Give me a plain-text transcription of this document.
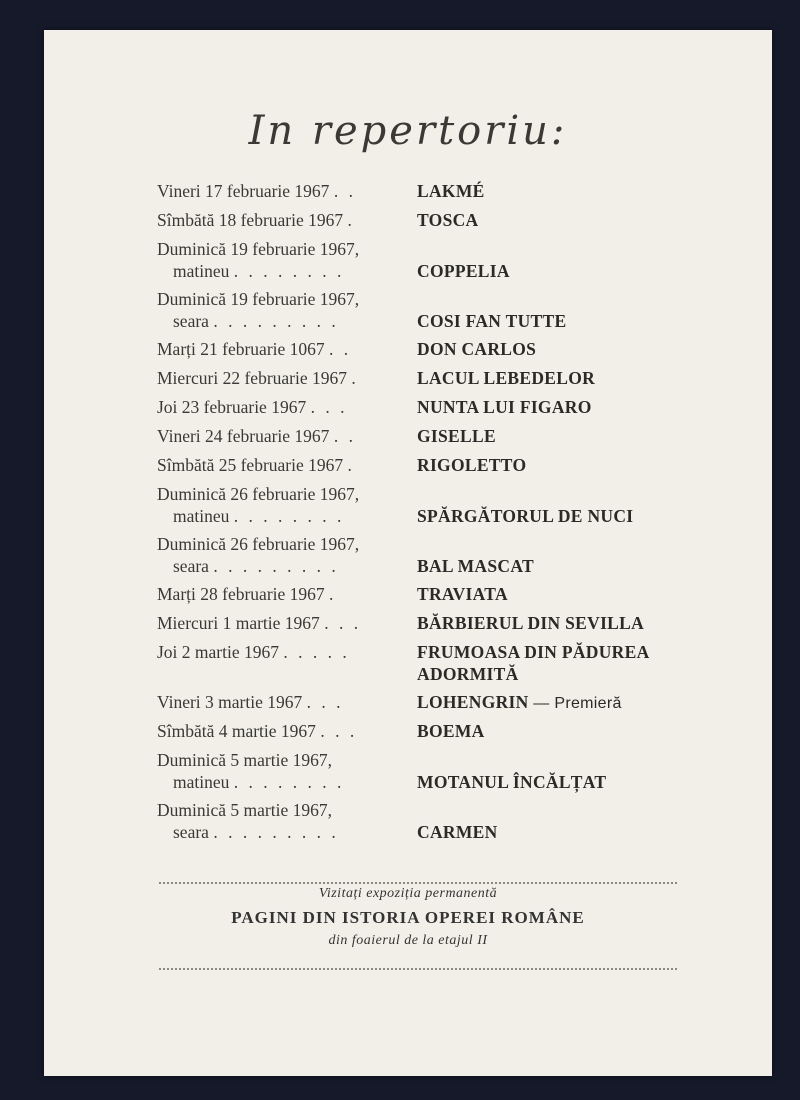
In repertoriu:
Vineri 17 februarie 1967 . .	LAKMÉ
Sîmbătă 18 februarie 1967 .	TOSCA
Duminică 19 februarie 1967,
matineu . . . . . . . .	COPPELIA
Duminică 19 februarie 1967,
seara . . . . . . . . .	COSI FAN TUTTE
Marți 21 februarie 1067 . .	DON CARLOS
Miercuri 22 februarie 1967 .	LACUL LEBEDELOR
Joi 23 februarie 1967 . . .	NUNTA LUI FIGARO
Vineri 24 februarie 1967 . .	GISELLE
Sîmbătă 25 februarie 1967 .	RIGOLETTO
Duminică 26 februarie 1967,
matineu . . . . . . . .	SPĂRGĂTORUL DE NUCI
Duminică 26 februarie 1967,
seara . . . . . . . . .	BAL MASCAT
Marți 28 februarie 1967 .	TRAVIATA
Miercuri 1 martie 1967 . . .	BĂRBIERUL DIN SEVILLA
Joi 2 martie 1967 . . . . .	FRUMOASA DIN PĂDUREA
ADORMITĂ
Vineri 3 martie 1967 . . .	LOHENGRIN — Premieră
Sîmbătă 4 martie 1967 . . .	BOEMA
Duminică 5 martie 1967,
matineu . . . . . . . .	MOTANUL ÎNCĂLȚAT
Duminică 5 martie 1967,
seara . . . . . . . . .	CARMEN
Vizitați expoziția permanentă
PAGINI DIN ISTORIA OPEREI ROMÂNE
din foaierul de la etajul II
